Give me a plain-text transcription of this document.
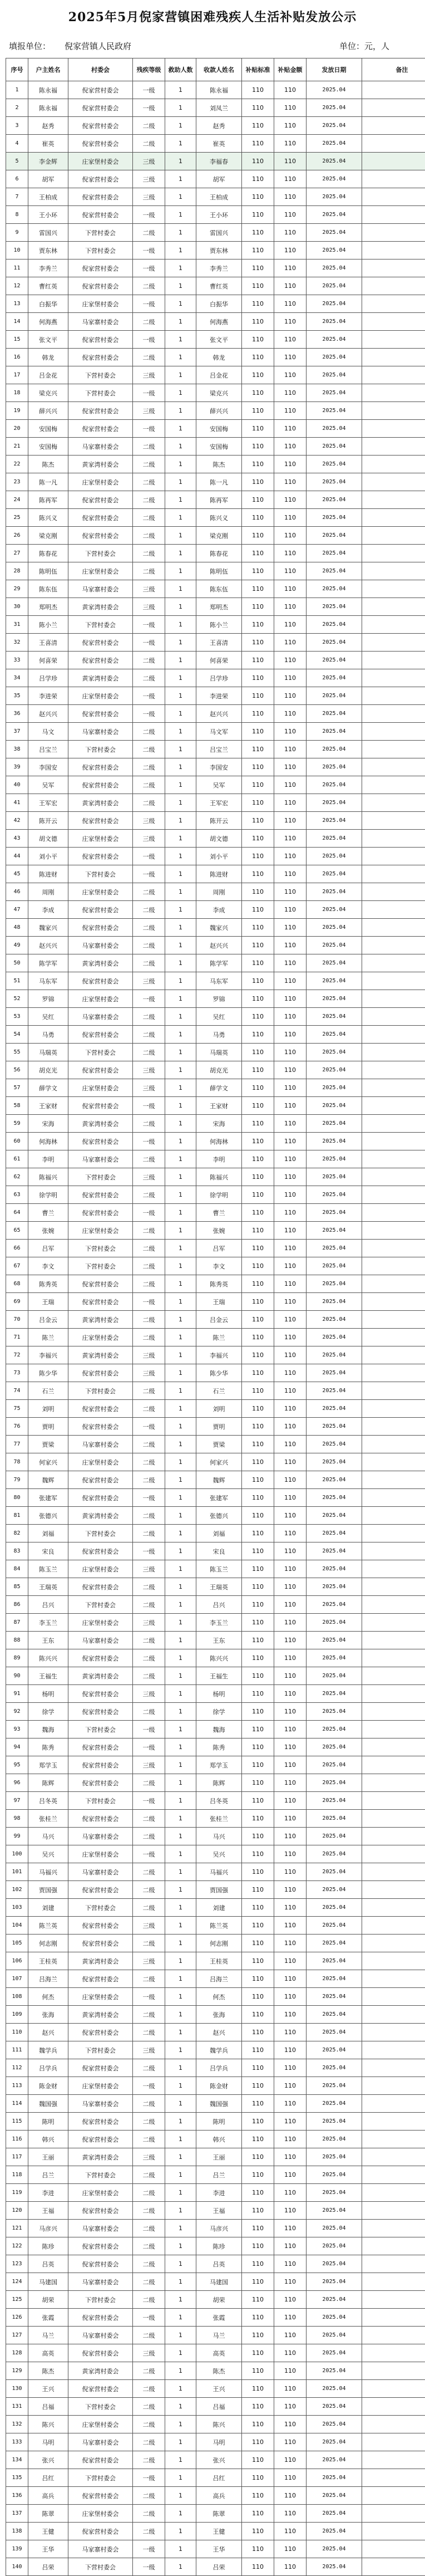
2025年5月倪家营镇困难残疾人生活补贴发放公示
填报单位： 倪家营镇人民政府	单位：元，人
序号	户主姓名	村委会	残疾等级	救助人数	收款人姓名	补贴标准	补贴金额	发放日期	备注
1	陈永福	倪家营村委会	一级	1	陈永福	110	110	2025.04	
2	陈永福	倪家营村委会	一级	1	刘凤兰	110	110	2025.04	
3	赵秀	倪家营村委会	二级	1	赵秀	110	110	2025.04	
4	崔英	倪家营村委会	二级	1	崔英	110	110	2025.04	
5	李金辉	庄家堡村委会	三级	1	李福春	110	110	2025.04	
6	胡军	倪家营村委会	三级	1	胡军	110	110	2025.04	
7	王柏成	倪家营村委会	三级	1	王柏成	110	110	2025.04	
8	王小环	倪家营村委会	一级	1	王小环	110	110	2025.04	
9	雷国兴	下营村委会	二级	1	雷国兴	110	110	2025.04	
10	贾东林	下营村委会	一级	1	贾东林	110	110	2025.04	
11	李秀兰	倪家营村委会	一级	1	李秀兰	110	110	2025.04	
12	曹红英	倪家营村委会	二级	1	曹红英	110	110	2025.04	
13	白振华	庄家堡村委会	一级	1	白振华	110	110	2025.04	
14	何海燕	马家寨村委会	二级	1	何海燕	110	110	2025.04	
15	张文平	倪家营村委会	一级	1	张文平	110	110	2025.04	
16	韩龙	倪家营村委会	二级	1	韩龙	110	110	2025.04	
17	吕金花	下营村委会	三级	1	吕金花	110	110	2025.04	
18	梁克兴	下营村委会	一级	1	梁克兴	110	110	2025.04	
19	薛兴兴	倪家营村委会	三级	1	薛兴兴	110	110	2025.04	
20	安国梅	倪家营村委会	一级	1	安国梅	110	110	2025.04	
21	安国梅	马家寨村委会	二级	1	安国梅	110	110	2025.04	
22	陈杰	黄家湾村委会	二级	1	陈杰	110	110	2025.04	
23	陈一凡	庄家堡村委会	二级	1	陈一凡	110	110	2025.04	
24	陈再军	倪家营村委会	二级	1	陈再军	110	110	2025.04	
25	陈兴义	倪家营村委会	二级	1	陈兴义	110	110	2025.04	
26	梁克刚	倪家营村委会	二级	1	梁克刚	110	110	2025.04	
27	陈春花	下营村委会	二级	1	陈春花	110	110	2025.04	
28	陈明伍	庄家堡村委会	二级	1	陈明伍	110	110	2025.04	
29	陈东伍	马家寨村委会	三级	1	陈东伍	110	110	2025.04	
30	郑明杰	黄家湾村委会	三级	1	郑明杰	110	110	2025.04	
31	陈小兰	下营村委会	一级	1	陈小兰	110	110	2025.04	
32	王喜清	倪家营村委会	一级	1	王喜清	110	110	2025.04	
33	何喜荣	倪家营村委会	二级	1	何喜荣	110	110	2025.04	
34	吕学珍	黄家湾村委会	二级	1	吕学珍	110	110	2025.04	
35	李进荣	庄家堡村委会	一级	1	李进荣	110	110	2025.04	
36	赵兴兴	倪家营村委会	一级	1	赵兴兴	110	110	2025.04	
37	马文	马家寨村委会	二级	1	马文军	110	110	2025.04	
38	吕宝兰	下营村委会	二级	1	吕宝兰	110	110	2025.04	
39	李国安	倪家营村委会	二级	1	李国安	110	110	2025.04	
40	吴军	倪家营村委会	二级	1	吴军	110	110	2025.04	
41	王军宏	黄家湾村委会	二级	1	王军宏	110	110	2025.04	
42	陈开云	倪家营村委会	三级	1	陈开云	110	110	2025.04	
43	胡文德	庄家堡村委会	三级	1	胡文德	110	110	2025.04	
44	刘小平	倪家营村委会	一级	1	刘小平	110	110	2025.04	
45	陈进财	下营村委会	一级	1	陈进财	110	110	2025.04	
46	周刚	庄家堡村委会	二级	1	周刚	110	110	2025.04	
47	李成	倪家营村委会	二级	1	李成	110	110	2025.04	
48	魏家兴	倪家营村委会	二级	1	魏家兴	110	110	2025.04	
49	赵兴兴	马家寨村委会	二级	1	赵兴兴	110	110	2025.04	
50	陈学军	黄家湾村委会	二级	1	陈学军	110	110	2025.04	
51	马东军	倪家营村委会	三级	1	马东军	110	110	2025.04	
52	罗锦	庄家堡村委会	一级	1	罗锦	110	110	2025.04	
53	吴红	马家寨村委会	二级	1	吴红	110	110	2025.04	
54	马勇	倪家营村委会	二级	1	马勇	110	110	2025.04	
55	马瑞英	下营村委会	二级	1	马瑞英	110	110	2025.04	
56	胡克光	倪家营村委会	三级	1	胡克光	110	110	2025.04	
57	薛学文	庄家堡村委会	三级	1	薛学文	110	110	2025.04	
58	王家财	倪家营村委会	一级	1	王家财	110	110	2025.04	
59	宋海	黄家湾村委会	二级	1	宋海	110	110	2025.04	
60	何海林	倪家营村委会	一级	1	何海林	110	110	2025.04	
61	李明	马家寨村委会	二级	1	李明	110	110	2025.04	
62	陈福兴	下营村委会	三级	1	陈福兴	110	110	2025.04	
63	徐学明	倪家营村委会	二级	1	徐学明	110	110	2025.04	
64	曹兰	倪家营村委会	一级	1	曹兰	110	110	2025.04	
65	张婉	庄家堡村委会	二级	1	张婉	110	110	2025.04	
66	吕军	下营村委会	二级	1	吕军	110	110	2025.04	
67	李文	下营村委会	二级	1	李文	110	110	2025.04	
68	陈秀英	倪家营村委会	二级	1	陈秀英	110	110	2025.04	
69	王瑞	倪家营村委会	一级	1	王瑞	110	110	2025.04	
70	吕金云	黄家湾村委会	二级	1	吕金云	110	110	2025.04	
71	陈兰	庄家堡村委会	二级	1	陈兰	110	110	2025.04	
72	李福兴	黄家湾村委会	三级	1	李福兴	110	110	2025.04	
73	陈少华	倪家营村委会	三级	1	陈少华	110	110	2025.04	
74	石兰	下营村委会	二级	1	石兰	110	110	2025.04	
75	刘明	倪家营村委会	二级	1	刘明	110	110	2025.04	
76	贾明	倪家营村委会	一级	1	贾明	110	110	2025.04	
77	贾梁	马家寨村委会	二级	1	贾梁	110	110	2025.04	
78	何家兴	庄家堡村委会	二级	1	何家兴	110	110	2025.04	
79	魏辉	倪家营村委会	二级	1	魏辉	110	110	2025.04	
80	张建军	倪家营村委会	一级	1	张建军	110	110	2025.04	
81	张德兴	黄家湾村委会	二级	1	张德兴	110	110	2025.04	
82	刘福	下营村委会	二级	1	刘福	110	110	2025.04	
83	宋良	倪家营村委会	一级	1	宋良	110	110	2025.04	
84	陈玉兰	庄家堡村委会	三级	1	陈玉兰	110	110	2025.04	
85	王瑞英	倪家营村委会	二级	1	王瑞英	110	110	2025.04	
86	吕兴	下营村委会	二级	1	吕兴	110	110	2025.04	
87	李玉兰	庄家堡村委会	三级	1	李玉兰	110	110	2025.04	
88	王东	马家寨村委会	二级	1	王东	110	110	2025.04	
89	陈兴兴	倪家营村委会	二级	1	陈兴兴	110	110	2025.04	
90	王福生	黄家湾村委会	二级	1	王福生	110	110	2025.04	
91	杨明	倪家营村委会	三级	1	杨明	110	110	2025.04	
92	徐学	倪家营村委会	二级	1	徐学	110	110	2025.04	
93	魏海	下营村委会	一级	1	魏海	110	110	2025.04	
94	陈秀	倪家营村委会	一级	1	陈秀	110	110	2025.04	
95	郑学玉	倪家营村委会	三级	1	郑学玉	110	110	2025.04	
96	陈辉	倪家营村委会	二级	1	陈辉	110	110	2025.04	
97	吕冬英	下营村委会	一级	1	吕冬英	110	110	2025.04	
98	张桂兰	倪家营村委会	二级	1	张桂兰	110	110	2025.04	
99	马兴	马家寨村委会	二级	1	马兴	110	110	2025.04	
100	吴兴	庄家堡村委会	一级	1	吴兴	110	110	2025.04	
101	马福兴	马家寨村委会	二级	1	马福兴	110	110	2025.04	
102	贾国强	倪家营村委会	二级	1	贾国强	110	110	2025.04	
103	刘建	下营村委会	二级	1	刘建	110	110	2025.04	
104	陈兰英	倪家营村委会	三级	1	陈兰英	110	110	2025.04	
105	何志刚	倪家营村委会	二级	1	何志刚	110	110	2025.04	
106	王桂英	黄家湾村委会	三级	1	王桂英	110	110	2025.04	
107	吕海兰	倪家营村委会	二级	1	吕海兰	110	110	2025.04	
108	何杰	庄家堡村委会	一级	1	何杰	110	110	2025.04	
109	张海	黄家湾村委会	二级	1	张海	110	110	2025.04	
110	赵兴	倪家营村委会	二级	1	赵兴	110	110	2025.04	
111	魏学兵	下营村委会	三级	1	魏学兵	110	110	2025.04	
112	吕学兵	倪家营村委会	二级	1	吕学兵	110	110	2025.04	
113	陈金财	庄家堡村委会	一级	1	陈金财	110	110	2025.04	
114	魏国强	马家寨村委会	二级	1	魏国强	110	110	2025.04	
115	陈明	倪家营村委会	二级	1	陈明	110	110	2025.04	
116	韩兴	倪家营村委会	二级	1	韩兴	110	110	2025.04	
117	王丽	黄家湾村委会	三级	1	王丽	110	110	2025.04	
118	吕兰	下营村委会	二级	1	吕兰	110	110	2025.04	
119	李进	庄家堡村委会	二级	1	李进	110	110	2025.04	
120	王福	倪家营村委会	二级	1	王福	110	110	2025.04	
121	马彦兴	马家寨村委会	二级	1	马彦兴	110	110	2025.04	
122	陈珍	倪家营村委会	二级	1	陈珍	110	110	2025.04	
123	吕英	倪家营村委会	二级	1	吕英	110	110	2025.04	
124	马建国	马家寨村委会	二级	1	马建国	110	110	2025.04	
125	胡荣	下营村委会	二级	1	胡荣	110	110	2025.04	
126	张霞	倪家营村委会	一级	1	张霞	110	110	2025.04	
127	马兰	马家寨村委会	二级	1	马兰	110	110	2025.04	
128	高英	倪家营村委会	三级	1	高英	110	110	2025.04	
129	陈杰	黄家湾村委会	二级	1	陈杰	110	110	2025.04	
130	王兴	倪家营村委会	二级	1	王兴	110	110	2025.04	
131	吕福	下营村委会	二级	1	吕福	110	110	2025.04	
132	陈兴	庄家堡村委会	二级	1	陈兴	110	110	2025.04	
133	马明	马家寨村委会	二级	1	马明	110	110	2025.04	
134	张兴	倪家营村委会	二级	1	张兴	110	110	2025.04	
135	吕红	下营村委会	一级	1	吕红	110	110	2025.04	
136	高兵	倪家营村委会	二级	1	高兵	110	110	2025.04	
137	陈翠	庄家堡村委会	二级	1	陈翠	110	110	2025.04	
138	王健	倪家营村委会	二级	1	王健	110	110	2025.04	
139	王华	马家寨村委会	一级	1	王华	110	110	2025.04	
140	吕荣	下营村委会	一级	1	吕荣	110	110	2025.04	
